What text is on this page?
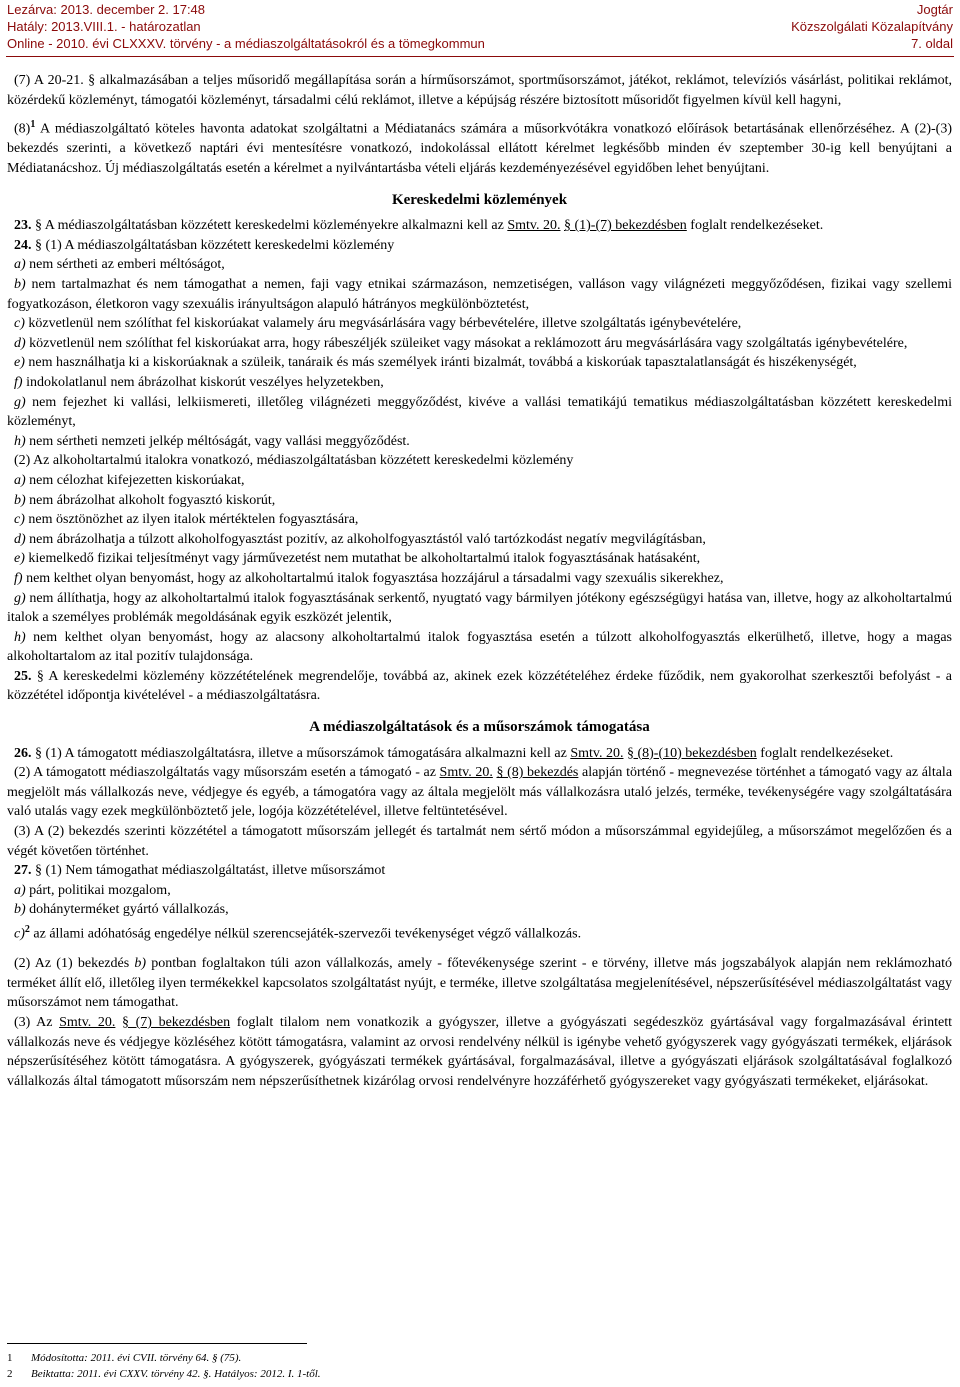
Lezárva: 2013. december 2. 17:48
Hatály: 2013.VIII.1. - határozatlan
Online - 2010. évi CLXXXV. törvény - a médiaszolgáltatásokról és a tömegkommun
Jogtár
Közszolgálati Közalapítvány
7. oldal

(7) A 20-21. § alkalmazásában a teljes műsoridő megállapítása során a hírműsorszámot, sportműsorszámot, játékot, reklámot, televíziós vásárlást, politikai reklámot, közérdekű közleményt, támogatói közleményt, társadalmi célú reklámot, illetve a képújság részére biztosított műsoridőt figyelmen kívül kell hagyni,

$(8)^1$ A médiaszolgáltató köteles havonta adatokat szolgáltatni a Médiatanács számára a műsorkvótákra vonatkozó előírások betartásának ellenőrzéséhez. A (2)-(3) bekezdés szerinti, a következő naptári évi mentesítésre vonatkozó, indokolással ellátott kérelmet legkésőbb minden év szeptember 30-ig kell benyújtani a Médiatanácshoz. Új médiaszolgáltatás esetén a kérelmet a nyilvántartásba vételi eljárás kezdeményezésével egyidőben lehet benyújtani.

Kereskedelmi közlemények

23. § A médiaszolgáltatásban közzétett kereskedelmi közleményekre alkalmazni kell az Smtv. 20. § (1)-(7) bekezdésben foglalt rendelkezéseket.

24. § (1) A médiaszolgáltatásban közzétett kereskedelmi közlemény

a) nem sértheti az emberi méltóságot,

b) nem tartalmazhat és nem támogathat a nemen, faji vagy etnikai származáson, nemzetiségen, valláson vagy világnézeti meggyőződésen, fizikai vagy szellemi fogyatkozáson, életkoron vagy szexuális irányultságon alapuló hátrányos megkülönböztetést,

c) közvetlenül nem szólíthat fel kiskorúakat valamely áru megvásárlására vagy bérbevételére, illetve szolgáltatás igénybevételére,

d) közvetlenül nem szólíthat fel kiskorúakat arra, hogy rábeszéljék szüleiket vagy másokat a reklámozott áru megvásárlására vagy szolgáltatás igénybevételére,

e) nem használhatja ki a kiskorúaknak a szüleik, tanáraik és más személyek iránti bizalmát, továbbá a kiskorúak tapasztalatlanságát és hiszékenységét,

f) indokolatlanul nem ábrázolhat kiskorút veszélyes helyzetekben,

g) nem fejezhet ki vallási, lelkiismereti, illetőleg világnézeti meggyőződést, kivéve a vallási tematikájú tematikus médiaszolgáltatásban közzétett kereskedelmi közleményt,

h) nem sértheti nemzeti jelkép méltóságát, vagy vallási meggyőződést.

(2) Az alkoholtartalmú italokra vonatkozó, médiaszolgáltatásban közzétett kereskedelmi közlemény

a) nem célozhat kifejezetten kiskorúakat,

b) nem ábrázolhat alkoholt fogyasztó kiskorút,

c) nem ösztönözhet az ilyen italok mértéktelen fogyasztására,

d) nem ábrázolhatja a túlzott alkoholfogyasztást pozitív, az alkoholfogyasztástól való tartózkodást negatív megvilágításban,

e) kiemelkedő fizikai teljesítményt vagy járművezetést nem mutathat be alkoholtartalmú italok fogyasztásának hatásaként,

f) nem kelthet olyan benyomást, hogy az alkoholtartalmú italok fogyasztása hozzájárul a társadalmi vagy szexuális sikerekhez,

g) nem állíthatja, hogy az alkoholtartalmú italok fogyasztásának serkentő, nyugtató vagy bármilyen jótékony egészségügyi hatása van, illetve, hogy az alkoholtartalmú italok a személyes problémák megoldásának egyik eszközét jelentik,

h) nem kelthet olyan benyomást, hogy az alacsony alkoholtartalmú italok fogyasztása esetén a túlzott alkoholfogyasztás elkerülhető, illetve, hogy a magas alkoholtartalom az ital pozitív tulajdonsága.

25. § A kereskedelmi közlemény közzétételének megrendelője, továbbá az, akinek ezek közzétételéhez érdeke fűződik, nem gyakorolhat szerkesztői befolyást - a közzététel időpontja kivételével - a médiaszolgáltatásra.

A médiaszolgáltatások és a műsorszámok támogatása

26. § (1) A támogatott médiaszolgáltatásra, illetve a műsorszámok támogatására alkalmazni kell az Smtv. 20. § (8)-(10) bekezdésben foglalt rendelkezéseket.

(2) A támogatott médiaszolgáltatás vagy műsorszám esetén a támogató - az Smtv. 20. § (8) bekezdés alapján történő - megnevezése történhet a támogató vagy az általa megjelölt más vállalkozás neve, védjegye és egyéb, a támogatóra vagy az általa megjelölt más vállalkozásra utaló jelzés, terméke, tevékenységére vagy szolgáltatására való utalás vagy ezek megkülönböztető jele, logója közzétételével, illetve feltüntetésével.

(3) A (2) bekezdés szerinti közzététel a támogatott műsorszám jellegét és tartalmát nem sértő módon a műsorszámmal egyidejűleg, a műsorszámot megelőzően és a végét követően történhet.

27. § (1) Nem támogathat médiaszolgáltatást, illetve műsorszámot

a) párt, politikai mozgalom,

b) dohányterméket gyártó vállalkozás,

c)$^2$ az állami adóhatóság engedélye nélkül szerencsejáték-szervezői tevékenységet végző vállalkozás.

(2) Az (1) bekezdés b) pontban foglaltakon túli azon vállalkozás, amely - főtevékenysége szerint - e törvény, illetve más jogszabályok alapján nem reklámozható terméket állít elő, illetőleg ilyen termékekkel kapcsolatos szolgáltatást nyújt, e terméke, illetve szolgáltatása megjelenítésével, népszerűsítésével médiaszolgáltatást vagy műsorszámot nem támogathat.

(3) Az Smtv. 20. § (7) bekezdésben foglalt tilalom nem vonatkozik a gyógyszer, illetve a gyógyászati segédeszköz gyártásával vagy forgalmazásával érintett vállalkozás neve és védjegye közléséhez kötött támogatásra, valamint az orvosi rendelvény nélkül is igénybe vehető gyógyszerek vagy gyógyászati termékek, eljárások népszerűsítéséhez kötött támogatásra. A gyógyszerek, gyógyászati termékek gyártásával, forgalmazásával, illetve a gyógyászati eljárások szolgáltatásával foglalkozó vállalkozás által támogatott műsorszám nem népszerűsíthetnek kizárólag orvosi rendelvényre hozzáférhető gyógyszereket vagy gyógyászati termékeket, eljárásokat.

1 Módosította: 2011. évi CVII. törvény 64. § (75).
2 Beiktatta: 2011. évi CXXV. törvény 42. §. Hatályos: 2012. I. 1-től.
